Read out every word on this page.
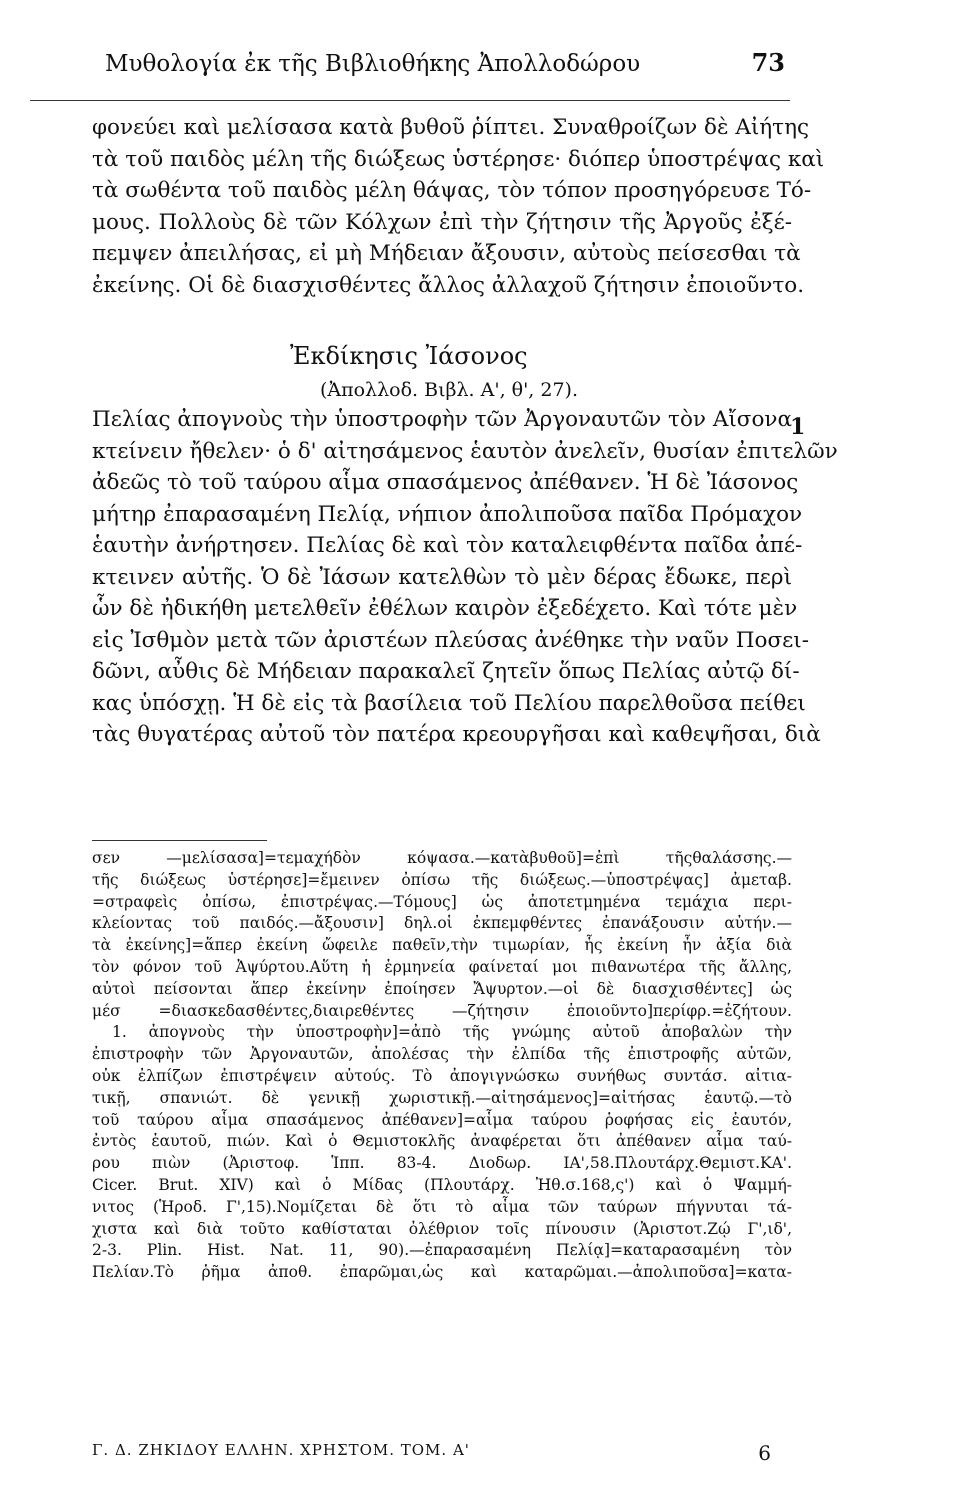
Μυθολογία ἐκ τῆς Βιβλιοθήκης Ἀπολλοδώρου	73
φονεύει καὶ μελίσασα κατὰ βυθοῦ ῥίπτει. Συναθροίζων δὲ Αἰήτης
τὰ τοῦ παιδὸς μέλη τῆς διώξεως ὑστέρησε· διόπερ ὑποστρέψας καὶ
τὰ σωθέντα τοῦ παιδὸς μέλη θάψας, τὸν τόπον προσηγόρευσε Τό-
μους. Πολλοὺς δὲ τῶν Κόλχων ἐπὶ τὴν ζήτησιν τῆς Ἀργοῦς ἐξέ-
πεμψεν ἀπειλήσας, εἰ μὴ Μήδειαν ἄξουσιν, αὐτοὺς πείσεσθαι τὰ
ἐκείνης. Οἱ δὲ διασχισθέντες ἄλλος ἀλλαχοῦ ζήτησιν ἐποιοῦντο.
Ἐκδίκησις Ἰάσονος
(Ἀπολλοδ. Βιβλ. Α', θ', 27).
Πελίας ἀπογνοὺς τὴν ὑποστροφὴν τῶν Ἀργοναυτῶν τὸν Αἴσονα
κτείνειν ἤθελεν· ὁ δ' αἰτησάμενος ἑαυτὸν ἀνελεῖν, θυσίαν ἐπιτελῶν
ἀδεῶς τὸ τοῦ ταύρου αἷμα σπασάμενος ἀπέθανεν. Ἡ δὲ Ἰάσονος
μήτηρ ἐπαρασαμένη Πελίᾳ, νήπιον ἀπολιποῦσα παῖδα Πρόμαχον
ἑαυτὴν ἀνήρτησεν. Πελίας δὲ καὶ τὸν καταλειφθέντα παῖδα ἀπέ-
κτεινεν αὐτῆς. Ὁ δὲ Ἰάσων κατελθὼν τὸ μὲν δέρας ἔδωκε, περὶ
ὧν δὲ ἠδικήθη μετελθεῖν ἐθέλων καιρὸν ἐξεδέχετο. Καὶ τότε μὲν
εἰς Ἰσθμὸν μετὰ τῶν ἀριστέων πλεύσας ἀνέθηκε τὴν ναῦν Ποσει-
δῶνι, αὖθις δὲ Μήδειαν παρακαλεῖ ζητεῖν ὅπως Πελίας αὐτῷ δί-
κας ὑπόσχῃ. Ἡ δὲ εἰς τὰ βασίλεια τοῦ Πελίου παρελθοῦσα πείθει
τὰς θυγατέρας αὐτοῦ τὸν πατέρα κρεουργῆσαι καὶ καθεψῆσαι, διὰ
1
σεν —μελίσασα]=τεμαχήδὸν κόψασα.—κατὰβυθοῦ]=ἐπὶ τῆςθαλάσσης.—
τῆς διώξεως ὑστέρησε]=ἔμεινεν ὀπίσω τῆς διώξεως.—ὑποστρέψας] ἀμεταβ.
=στραφεὶς ὀπίσω, ἐπιστρέψας.—Τόμους] ὡς ἀποτετμημένα τεμάχια περι-
κλείοντας τοῦ παιδός.—ἄξουσιν] δηλ.οἱ ἐκπεμφθέντες ἐπανάξουσιν αὐτήν.—
τὰ ἐκείνης]=ἅπερ ἐκείνη ὤφειλε παθεῖν,τὴν τιμωρίαν, ἧς ἐκείνη ἦν ἀξία διὰ
τὸν φόνον τοῦ Ἀψύρτου.Αὕτη ἡ ἑρμηνεία φαίνεταί μοι πιθανωτέρα τῆς ἄλλης,
αὐτοὶ πείσονται ἅπερ ἐκείνην ἐποίησεν Ἄψυρτον.—οἱ δὲ διασχισθέντες] ὡς
μέσ =διασκεδασθέντες,διαιρεθέντες —ζήτησιν ἐποιοῦντο]περίφρ.=ἐζήτουν.
1. ἀπογνοὺς τὴν ὑποστροφὴν]=ἀπὸ τῆς γνώμης αὐτοῦ ἀποβαλὼν τὴν
ἐπιστροφὴν τῶν Ἀργοναυτῶν, ἀπολέσας τὴν ἐλπίδα τῆς ἐπιστροφῆς αὐτῶν,
οὐκ ἐλπίζων ἐπιστρέψειν αὐτούς. Τὸ ἀπογιγνώσκω συνήθως συντάσ. αἰτια-
τικῇ, σπανιώτ. δὲ γενικῇ χωριστικῇ.—αἰτησάμενος]=αἰτήσας ἑαυτῷ.—τὸ
τοῦ ταύρου αἷμα σπασάμενος ἀπέθανεν]=αἷμα ταύρου ῥοφήσας εἰς ἑαυτόν,
ἐντὸς ἑαυτοῦ, πιών. Καὶ ὁ Θεμιστοκλῆς ἀναφέρεται ὅτι ἀπέθανεν αἷμα ταύ-
ρου πιὼν (Ἀριστοφ. Ἱππ. 83-4. Διοδωρ. ΙΑ',58.Πλουτάρχ.Θεμιστ.ΚΑ'.
Cicer. Brut. XIV) καὶ ὁ Μίδας (Πλουτάρχ. Ἠθ.σ.168,ς') καὶ ὁ Ψαμμή-
νιτος (Ἡροδ. Γ',15).Νομίζεται δὲ ὅτι τὸ αἷμα τῶν ταύρων πήγνυται τά-
χιστα καὶ διὰ τοῦτο καθίσταται ὀλέθριον τοῖς πίνουσιν (Ἀριστοτ.Ζῴ Γ',ιδ',
2-3. Plin. Hist. Nat. 11, 90).—ἐπαρασαμένη Πελίᾳ]=καταρασαμένη τὸν
Πελίαν.Τὸ ῥῆμα ἀποθ. ἐπαρῶμαι,ὡς καὶ καταρῶμαι.—ἀπολιποῦσα]=κατα-
Γ. Δ. ΖΗΚΙΔΟΥ ΕΛΛΗΝ. ΧΡΗΣΤΟΜ. ΤΟΜ. Α'	6
